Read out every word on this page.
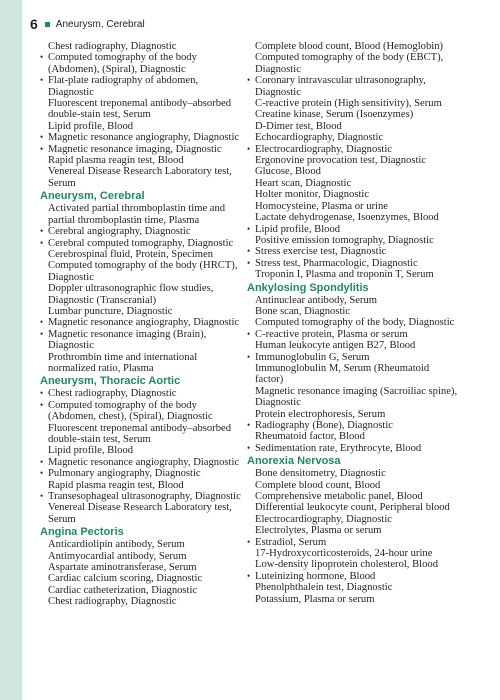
6 Aneurysm, Cerebral
Chest radiography, Diagnostic
• Computed tomography of the body (Abdomen), (Spiral), Diagnostic
• Flat-plate radiography of abdomen, Diagnostic
Fluorescent treponemal antibody–absorbed double-stain test, Serum
Lipid profile, Blood
• Magnetic resonance angiography, Diagnostic
• Magnetic resonance imaging, Diagnostic
Rapid plasma reagin test, Blood
Venereal Disease Research Laboratory test, Serum
Aneurysm, Cerebral
Activated partial thromboplastin time and partial thromboplastin time, Plasma
• Cerebral angiography, Diagnostic
• Cerebral computed tomography, Diagnostic
Cerebrospinal fluid, Protein, Specimen
Computed tomography of the body (HRCT), Diagnostic
Doppler ultrasonographic flow studies, Diagnostic (Transcranial)
Lumbar puncture, Diagnostic
• Magnetic resonance angiography, Diagnostic
• Magnetic resonance imaging (Brain), Diagnostic
Prothrombin time and international normalized ratio, Plasma
Aneurysm, Thoracic Aortic
• Chest radiography, Diagnostic
• Computed tomography of the body (Abdomen, chest), (Spiral), Diagnostic
Fluorescent treponemal antibody–absorbed double-stain test, Serum
Lipid profile, Blood
• Magnetic resonance angiography, Diagnostic
• Pulmonary angiography, Diagnostic
Rapid plasma reagin test, Blood
• Transesophageal ultrasonography, Diagnostic
Venereal Disease Research Laboratory test, Serum
Angina Pectoris
Anticardiolipin antibody, Serum
Antimyocardial antibody, Serum
Aspartate aminotransferase, Serum
Cardiac calcium scoring, Diagnostic
Cardiac catheterization, Diagnostic
Chest radiography, Diagnostic
Complete blood count, Blood (Hemoglobin)
Computed tomography of the body (EBCT), Diagnostic
• Coronary intravascular ultrasonography, Diagnostic
C-reactive protein (High sensitivity), Serum
Creatine kinase, Serum (Isoenzymes)
D-Dimer test, Blood
Echocardiography, Diagnostic
• Electrocardiography, Diagnostic
Ergonovine provocation test, Diagnostic
Glucose, Blood
Heart scan, Diagnostic
Holter monitor, Diagnostic
Homocysteine, Plasma or urine
Lactate dehydrogenase, Isoenzymes, Blood
• Lipid profile, Blood
Positive emission tomography, Diagnostic
• Stress exercise test, Diagnostic
• Stress test, Pharmacologic, Diagnostic
Troponin I, Plasma and troponin T, Serum
Ankylosing Spondylitis
Antinuclear antibody, Serum
Bone scan, Diagnostic
Computed tomography of the body, Diagnostic
• C-reactive protein, Plasma or serum
Human leukocyte antigen B27, Blood
• Immunoglobulin G, Serum
Immunoglobulin M, Serum (Rheumatoid factor)
Magnetic resonance imaging (Sacroiliac spine), Diagnostic
Protein electrophoresis, Serum
• Radiography (Bone), Diagnostic
Rheumatoid factor, Blood
• Sedimentation rate, Erythrocyte, Blood
Anorexia Nervosa
Bone densitometry, Diagnostic
Complete blood count, Blood
Comprehensive metabolic panel, Blood
Differential leukocyte count, Peripheral blood
Electrocardiography, Diagnostic
Electrolytes, Plasma or serum
• Estradiol, Serum
17-Hydroxycorticosteroids, 24-hour urine
Low-density lipoprotein cholesterol, Blood
• Luteinizing hormone, Blood
Phenolphthalein test, Diagnostic
Potassium, Plasma or serum
